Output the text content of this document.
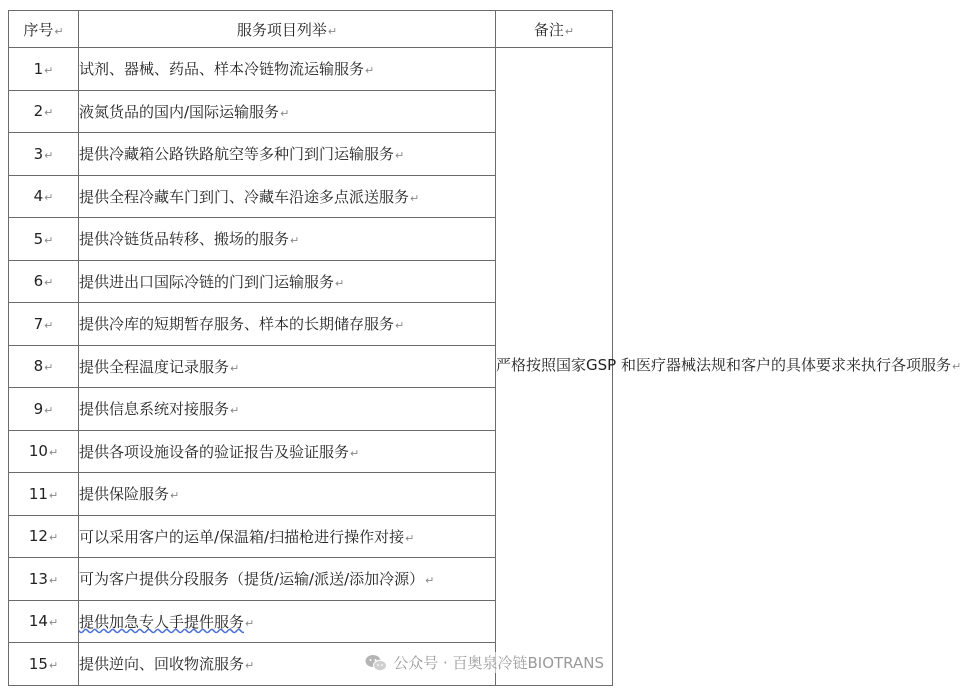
序号↵	服务项目列举↵	备注↵
1↵	试剂、器械、药品、样本冷链物流运输服务↵	严格按照国家GSP 和医疗器械法规和客户的具体要求来执行各项服务↵
2↵	液氮货品的国内/国际运输服务↵	
3↵	提供冷藏箱公路铁路航空等多种门到门运输服务↵	
4↵	提供全程冷藏车门到门、冷藏车沿途多点派送服务↵	
5↵	提供冷链货品转移、搬场的服务↵	
6↵	提供进出口国际冷链的门到门运输服务↵	
7↵	提供冷库的短期暂存服务、样本的长期储存服务↵	
8↵	提供全程温度记录服务↵	
9↵	提供信息系统对接服务↵	
10↵	提供各项设施设备的验证报告及验证服务↵	
11↵	提供保险服务↵	
12↵	可以采用客户的运单/保温箱/扫描枪进行操作对接↵	
13↵	可为客户提供分段服务（提货/运输/派送/添加冷源）↵	
14↵	提供加急专人手提件服务↵	
15↵	提供逆向、回收物流服务↵		公众号 · 百奥泉冷链BIOTRANS
